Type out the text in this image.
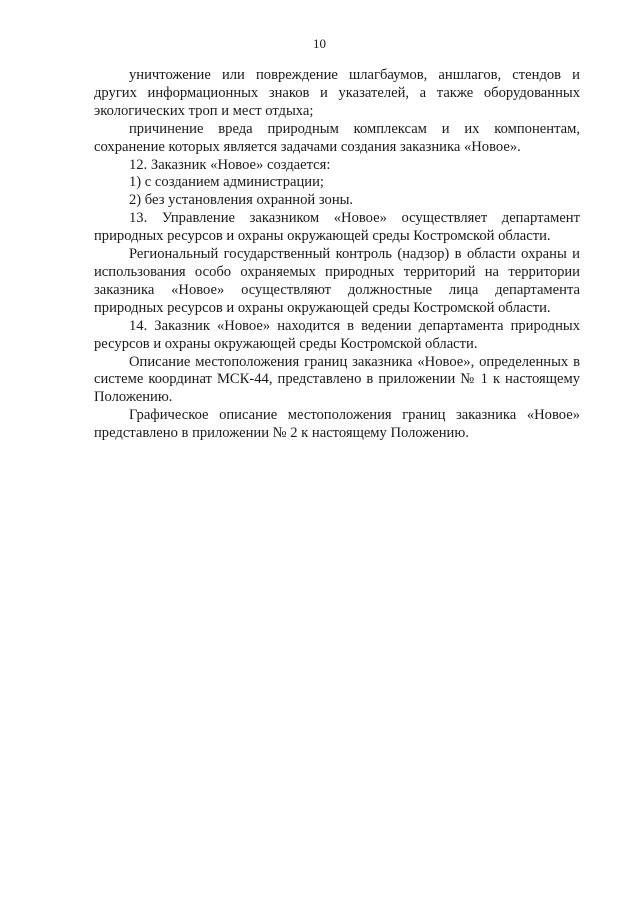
10

уничтожение или повреждение шлагбаумов, аншлагов, стендов и других информационных знаков и указателей, а также оборудованных экологических троп и мест отдыха;

причинение вреда природным комплексам и их компонентам, сохранение которых является задачами создания заказника «Новое».

12. Заказник «Новое» создается:

1) с созданием администрации;

2) без установления охранной зоны.

13. Управление заказником «Новое» осуществляет департамент природных ресурсов и охраны окружающей среды Костромской области.

Региональный государственный контроль (надзор) в области охраны и использования особо охраняемых природных территорий на территории заказника «Новое» осуществляют должностные лица департамента природных ресурсов и охраны окружающей среды Костромской области.

14. Заказник «Новое» находится в ведении департамента природных ресурсов и охраны окружающей среды Костромской области.

Описание местоположения границ заказника «Новое», определенных в системе координат МСК-44, представлено в приложении № 1 к настоящему Положению.

Графическое описание местоположения границ заказника «Новое» представлено в приложении № 2 к настоящему Положению.
